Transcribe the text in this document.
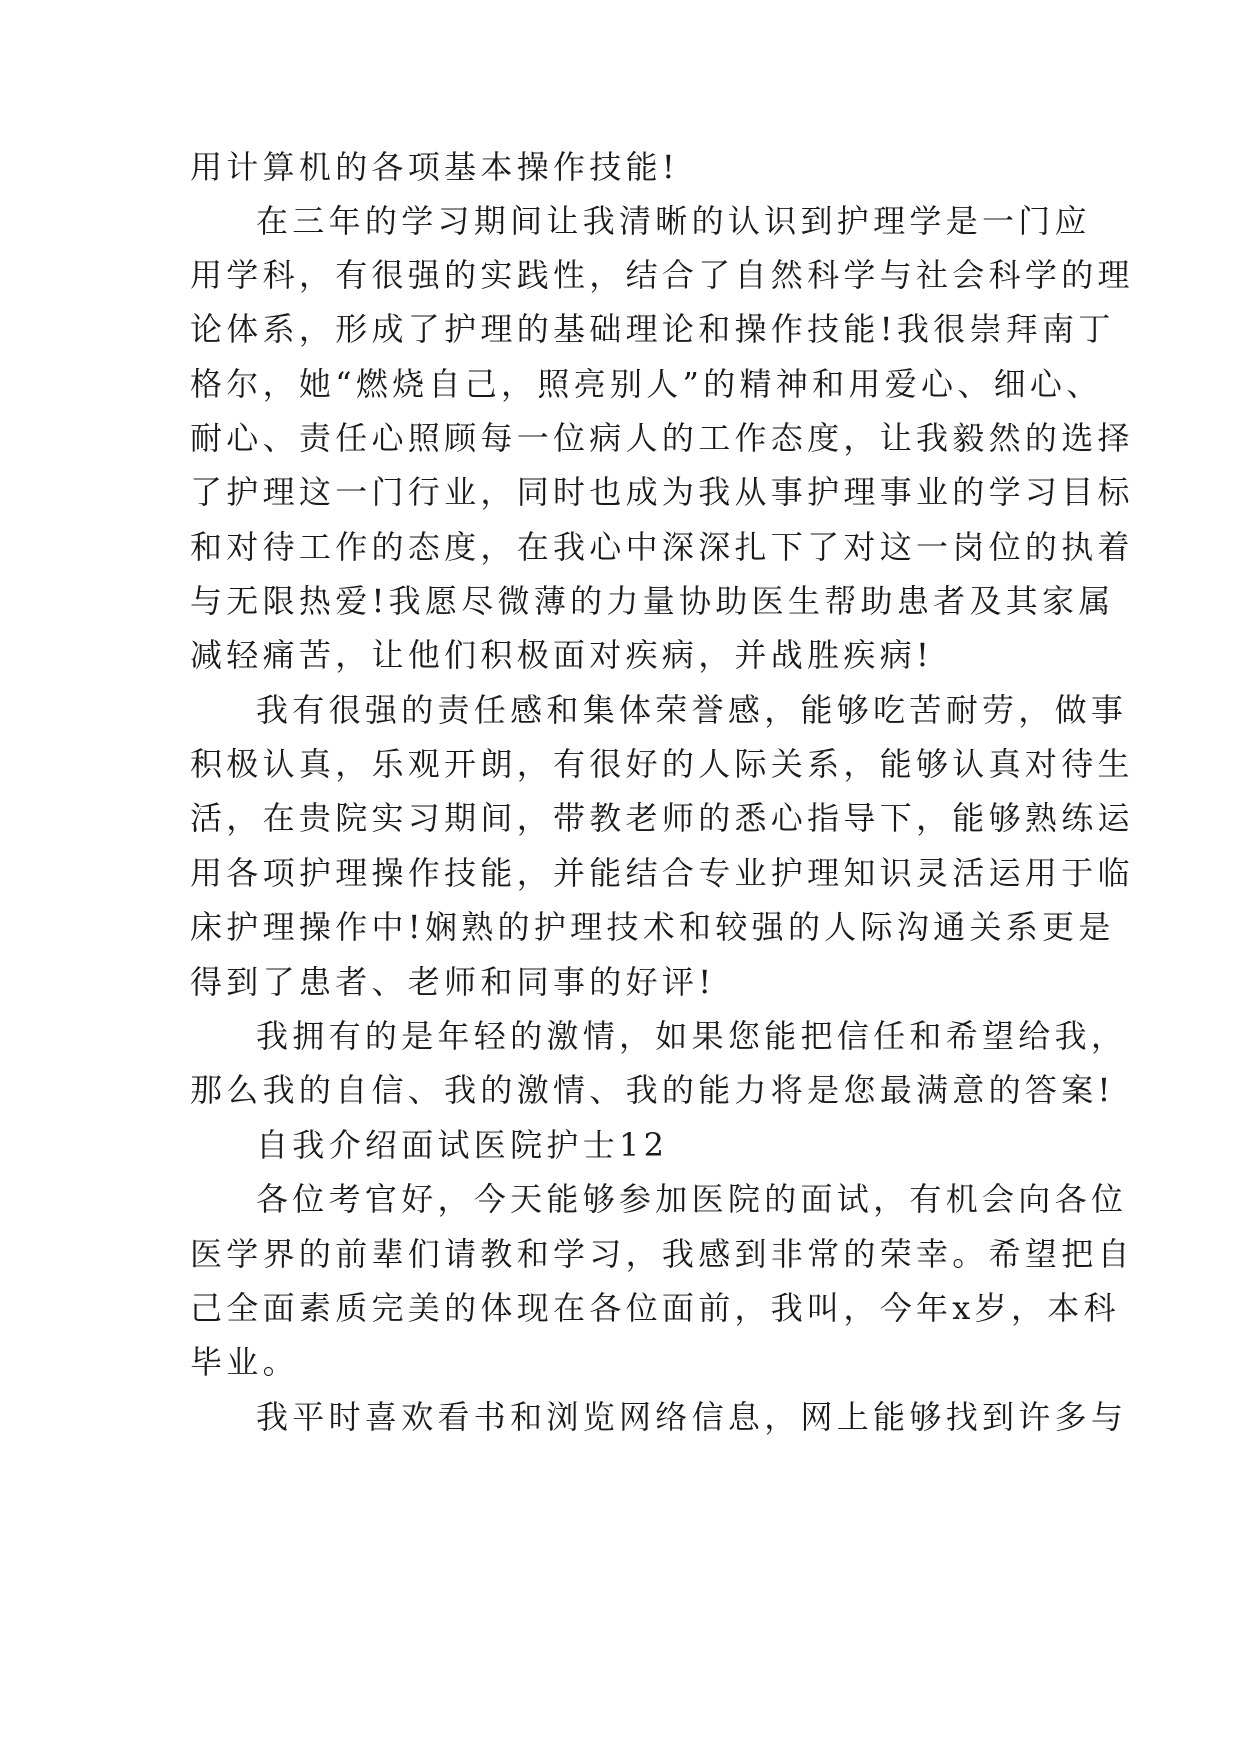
用计算机的各项基本操作技能!
在三年的学习期间让我清晰的认识到护理学是一门应
用学科，有很强的实践性，结合了自然科学与社会科学的理
论体系，形成了护理的基础理论和操作技能!我很崇拜南丁
格尔，她“燃烧自己，照亮别人”的精神和用爱心、细心、
耐心、责任心照顾每一位病人的工作态度，让我毅然的选择
了护理这一门行业，同时也成为我从事护理事业的学习目标
和对待工作的态度，在我心中深深扎下了对这一岗位的执着
与无限热爱!我愿尽微薄的力量协助医生帮助患者及其家属
减轻痛苦，让他们积极面对疾病，并战胜疾病!
我有很强的责任感和集体荣誉感，能够吃苦耐劳，做事
积极认真，乐观开朗，有很好的人际关系，能够认真对待生
活，在贵院实习期间，带教老师的悉心指导下，能够熟练运
用各项护理操作技能，并能结合专业护理知识灵活运用于临
床护理操作中!娴熟的护理技术和较强的人际沟通关系更是
得到了患者、老师和同事的好评!
我拥有的是年轻的激情，如果您能把信任和希望给我，
那么我的自信、我的激情、我的能力将是您最满意的答案!
自我介绍面试医院护士12
各位考官好，今天能够参加医院的面试，有机会向各位
医学界的前辈们请教和学习，我感到非常的荣幸。希望把自
己全面素质完美的体现在各位面前，我叫，今年x岁，本科
毕业。
我平时喜欢看书和浏览网络信息，网上能够找到许多与
